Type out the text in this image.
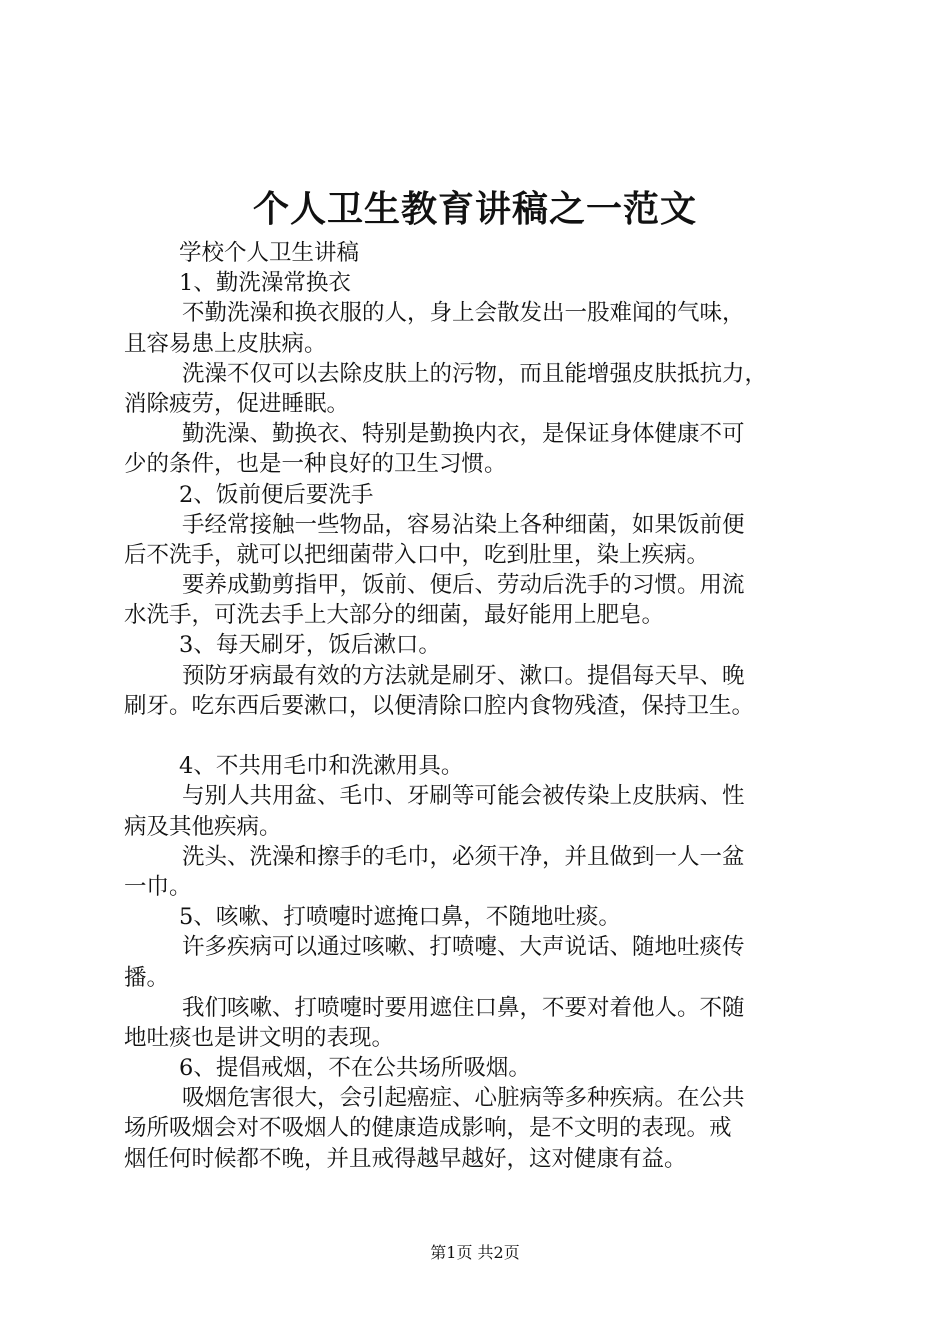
个人卫生教育讲稿之一范文
学校个人卫生讲稿
1、勤洗澡常换衣
不勤洗澡和换衣服的人，身上会散发出一股难闻的气味，
且容易患上皮肤病。
洗澡不仅可以去除皮肤上的污物，而且能增强皮肤抵抗力，
消除疲劳，促进睡眠。
勤洗澡、勤换衣、特别是勤换内衣，是保证身体健康不可
少的条件，也是一种良好的卫生习惯。
2、饭前便后要洗手
手经常接触一些物品，容易沾染上各种细菌，如果饭前便
后不洗手，就可以把细菌带入口中，吃到肚里，染上疾病。
要养成勤剪指甲，饭前、便后、劳动后洗手的习惯。用流
水洗手，可洗去手上大部分的细菌，最好能用上肥皂。
3、每天刷牙，饭后漱口。
预防牙病最有效的方法就是刷牙、漱口。提倡每天早、晚
刷牙。吃东西后要漱口，以便清除口腔内食物残渣，保持卫生。
4、不共用毛巾和洗漱用具。
与别人共用盆、毛巾、牙刷等可能会被传染上皮肤病、性
病及其他疾病。
洗头、洗澡和擦手的毛巾，必须干净，并且做到一人一盆
一巾。
5、咳嗽、打喷嚏时遮掩口鼻，不随地吐痰。
许多疾病可以通过咳嗽、打喷嚏、大声说话、随地吐痰传
播。
我们咳嗽、打喷嚏时要用遮住口鼻，不要对着他人。不随
地吐痰也是讲文明的表现。
6、提倡戒烟，不在公共场所吸烟。
吸烟危害很大，会引起癌症、心脏病等多种疾病。在公共
场所吸烟会对不吸烟人的健康造成影响，是不文明的表现。戒
烟任何时候都不晚，并且戒得越早越好，这对健康有益。
第1页 共2页
